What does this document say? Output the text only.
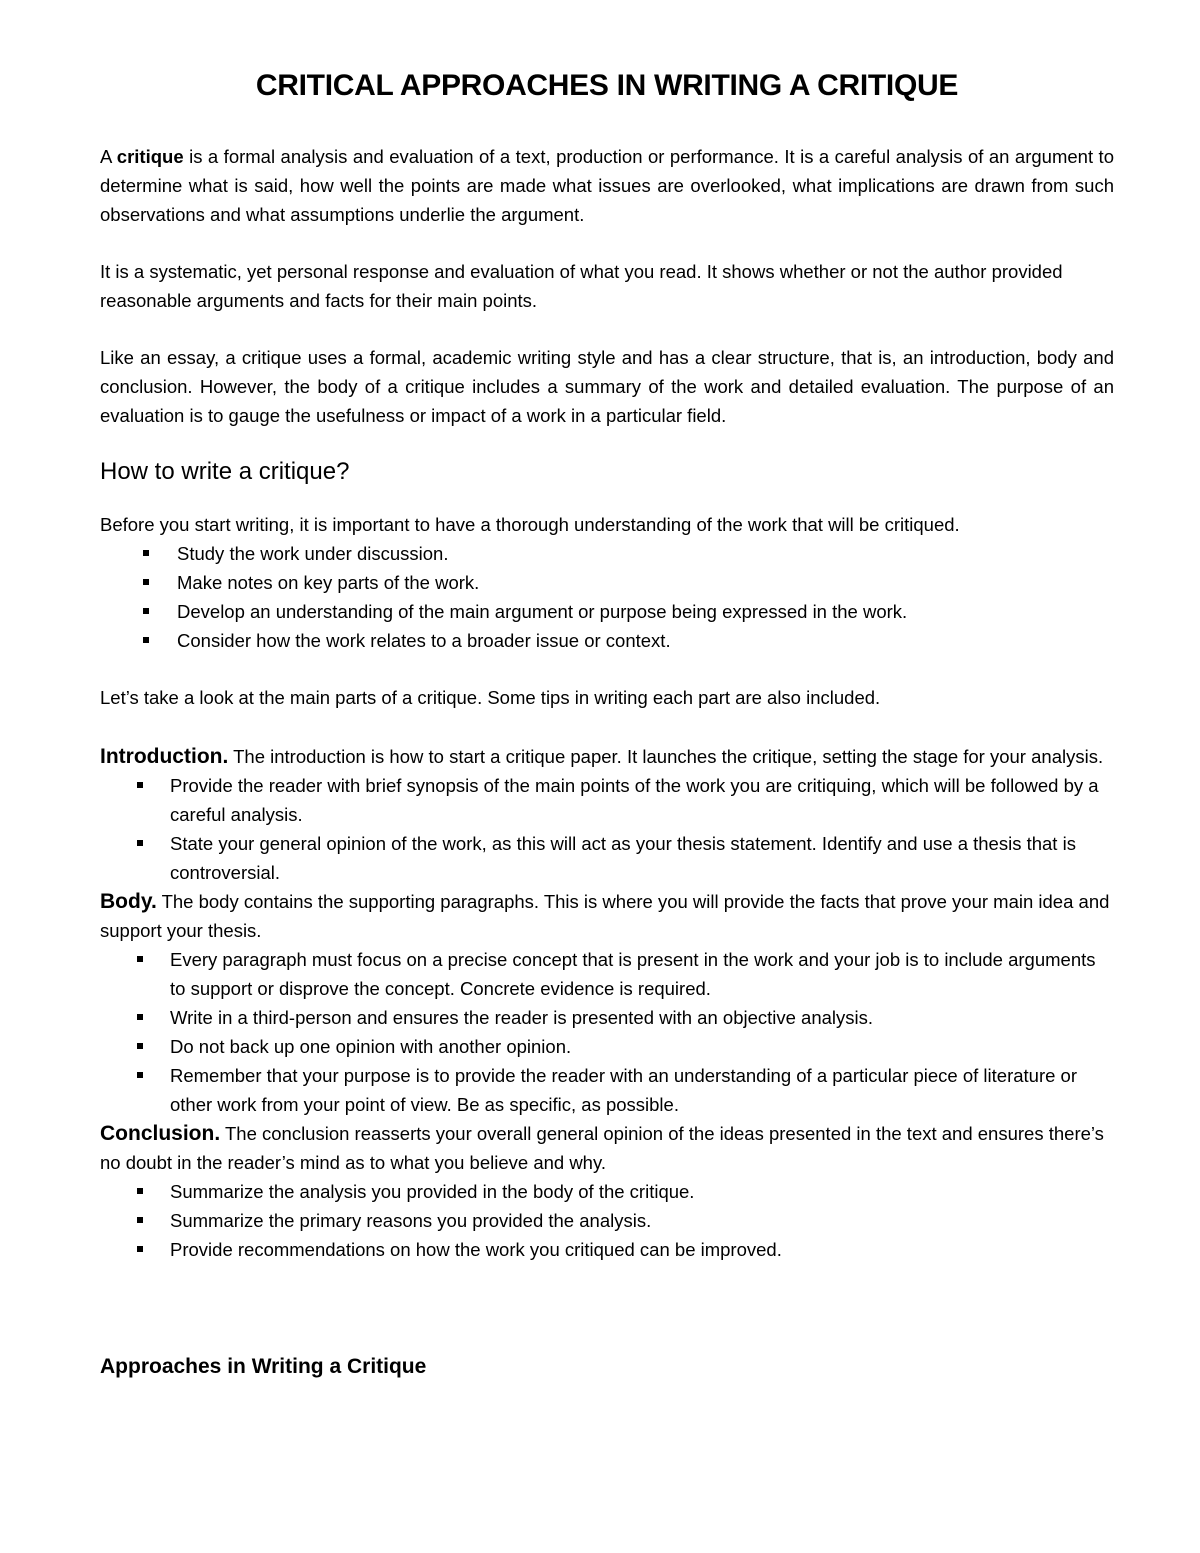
CRITICAL APPROACHES IN WRITING A CRITIQUE

A critique is a formal analysis and evaluation of a text, production or performance. It is a careful analysis of an argument to determine what is said, how well the points are made what issues are overlooked, what implications are drawn from such observations and what assumptions underlie the argument.

It is a systematic, yet personal response and evaluation of what you read. It shows whether or not the author provided reasonable arguments and facts for their main points.

Like an essay, a critique uses a formal, academic writing style and has a clear structure, that is, an introduction, body and conclusion. However, the body of a critique includes a summary of the work and detailed evaluation. The purpose of an evaluation is to gauge the usefulness or impact of a work in a particular field.

How to write a critique?

Before you start writing, it is important to have a thorough understanding of the work that will be critiqued.

Study the work under discussion.
Make notes on key parts of the work.
Develop an understanding of the main argument or purpose being expressed in the work.
Consider how the work relates to a broader issue or context.

Let’s take a look at the main parts of a critique. Some tips in writing each part are also included.

Introduction. The introduction is how to start a critique paper. It launches the critique, setting the stage for your analysis.

Provide the reader with brief synopsis of the main points of the work you are critiquing, which will be followed by a careful analysis.
State your general opinion of the work, as this will act as your thesis statement. Identify and use a thesis that is controversial.

Body. The body contains the supporting paragraphs. This is where you will provide the facts that prove your main idea and support your thesis.

Every paragraph must focus on a precise concept that is present in the work and your job is to include arguments to support or disprove the concept. Concrete evidence is required.
Write in a third-person and ensures the reader is presented with an objective analysis.
Do not back up one opinion with another opinion.
Remember that your purpose is to provide the reader with an understanding of a particular piece of literature or other work from your point of view. Be as specific, as possible.

Conclusion. The conclusion reasserts your overall general opinion of the ideas presented in the text and ensures there’s no doubt in the reader’s mind as to what you believe and why.

Summarize the analysis you provided in the body of the critique.
Summarize the primary reasons you provided the analysis.
Provide recommendations on how the work you critiqued can be improved.
Approaches in Writing a Critique
